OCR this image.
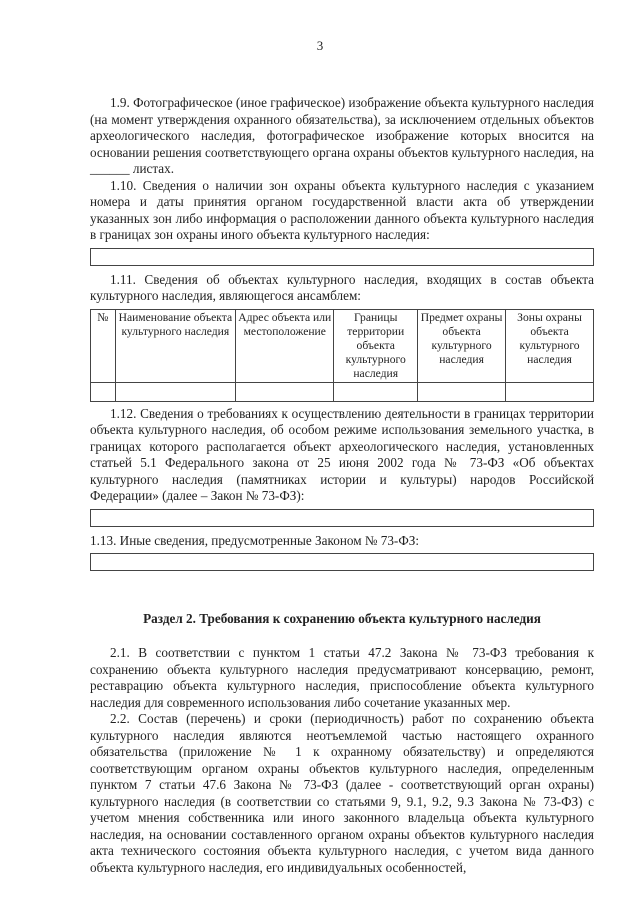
3

1.9. Фотографическое (иное графическое) изображение объекта культурного наследия (на момент утверждения охранного обязательства), за исключением отдельных объектов археологического наследия, фотографическое изображение которых вносится на основании решения соответствующего органа охраны объектов культурного наследия, на ______ листах.

1.10. Сведения о наличии зон охраны объекта культурного наследия с указанием номера и даты принятия органом государственной власти акта об утверждении указанных зон либо информация о расположении данного объекта культурного наследия в границах зон охраны иного объекта культурного наследия:

1.11. Сведения об объектах культурного наследия, входящих в состав объекта культурного наследия, являющегося ансамблем:

№	Наименование объекта культурного наследия	Адрес объекта или местоположение	Границы территории объекта культурного наследия	Предмет охраны объекта культурного наследия	Зоны охраны объекта культурного наследия

1.12. Сведения о требованиях к осуществлению деятельности в границах территории объекта культурного наследия, об особом режиме использования земельного участка, в границах которого располагается объект археологического наследия, установленных статьей 5.1 Федерального закона от 25 июня 2002 года № 73-ФЗ «Об объектах культурного наследия (памятниках истории и культуры) народов Российской Федерации» (далее – Закон № 73-ФЗ):

1.13. Иные сведения, предусмотренные Законом № 73-ФЗ:

Раздел 2. Требования к сохранению объекта культурного наследия

2.1. В соответствии с пунктом 1 статьи 47.2 Закона № 73-ФЗ требования к сохранению объекта культурного наследия предусматривают консервацию, ремонт, реставрацию объекта культурного наследия, приспособление объекта культурного наследия для современного использования либо сочетание указанных мер.

2.2. Состав (перечень) и сроки (периодичность) работ по сохранению объекта культурного наследия являются неотъемлемой частью настоящего охранного обязательства (приложение № 1 к охранному обязательству) и определяются соответствующим органом охраны объектов культурного наследия, определенным пунктом 7 статьи 47.6 Закона № 73-ФЗ (далее - соответствующий орган охраны) культурного наследия (в соответствии со статьями 9, 9.1, 9.2, 9.3 Закона № 73-ФЗ) с учетом мнения собственника или иного законного владельца объекта культурного наследия, на основании составленного органом охраны объектов культурного наследия акта технического состояния объекта культурного наследия, с учетом вида данного объекта культурного наследия, его индивидуальных особенностей,
